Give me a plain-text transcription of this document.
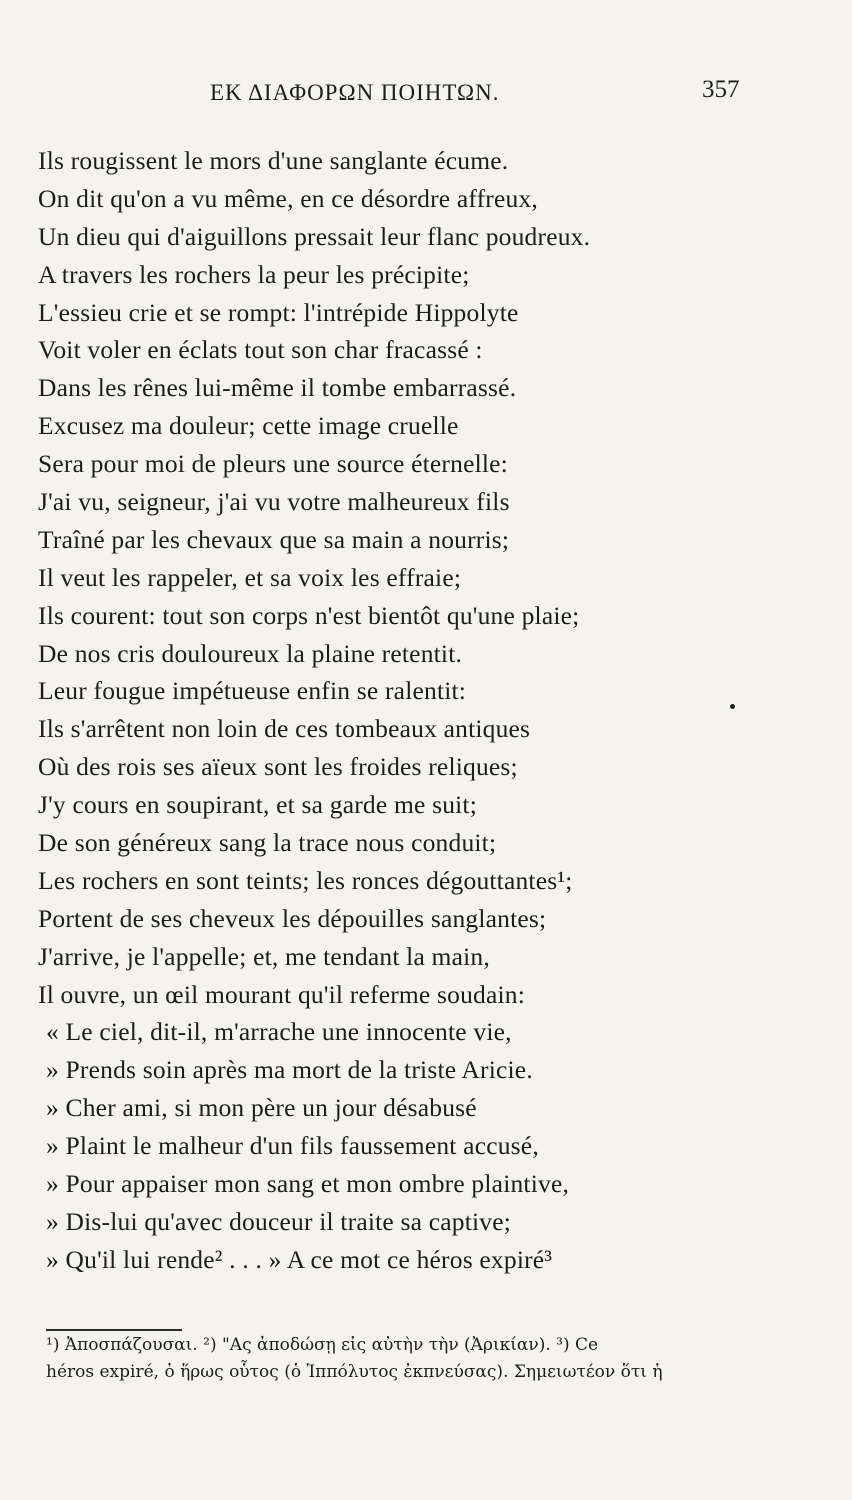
ΕΚ ΔΙΑΦΟΡΩΝ ΠΟΙΗΤΩΝ.	357
Ils rougissent le mors d'une sanglante écume.
On dit qu'on a vu même, en ce désordre affreux,
Un dieu qui d'aiguillons pressait leur flanc poudreux.
A travers les rochers la peur les précipite;
L'essieu crie et se rompt: l'intrépide Hippolyte
Voit voler en éclats tout son char fracassé :
Dans les rênes lui-même il tombe embarrassé.
Excusez ma douleur; cette image cruelle
Sera pour moi de pleurs une source éternelle:
J'ai vu, seigneur, j'ai vu votre malheureux fils
Traîné par les chevaux que sa main a nourris;
Il veut les rappeler, et sa voix les effraie;
Ils courent: tout son corps n'est bientôt qu'une plaie;
De nos cris douloureux la plaine retentit.
Leur fougue impétueuse enfin se ralentit:
Ils s'arrêtent non loin de ces tombeaux antiques
Où des rois ses aïeux sont les froides reliques;
J'y cours en soupirant, et sa garde me suit;
De son généreux sang la trace nous conduit;
Les rochers en sont teints; les ronces dégouttantes¹;
Portent de ses cheveux les dépouilles sanglantes;
J'arrive, je l'appelle; et, me tendant la main,
Il ouvre, un œil mourant qu'il referme soudain:
« Le ciel, dit-il, m'arrache une innocente vie,
» Prends soin après ma mort de la triste Aricie.
» Cher ami, si mon père un jour désabusé
» Plaint le malheur d'un fils faussement accusé,
» Pour appaiser mon sang et mon ombre plaintive,
» Dis-lui qu'avec douceur il traite sa captive;
» Qu'il lui rende² . . . » A ce mot ce héros expiré³
¹) Ἀποσπάζουσαι. ²) "Ας ἀποδώσῃ εἰς αὐτὴν τὴν (Ἀρικίαν). ³) Ce
héros expiré, ὁ ἥρως οὗτος (ὁ Ἱππόλυτος ἐκπνεύσας). Σημειωτέον ὅτι ἡ
